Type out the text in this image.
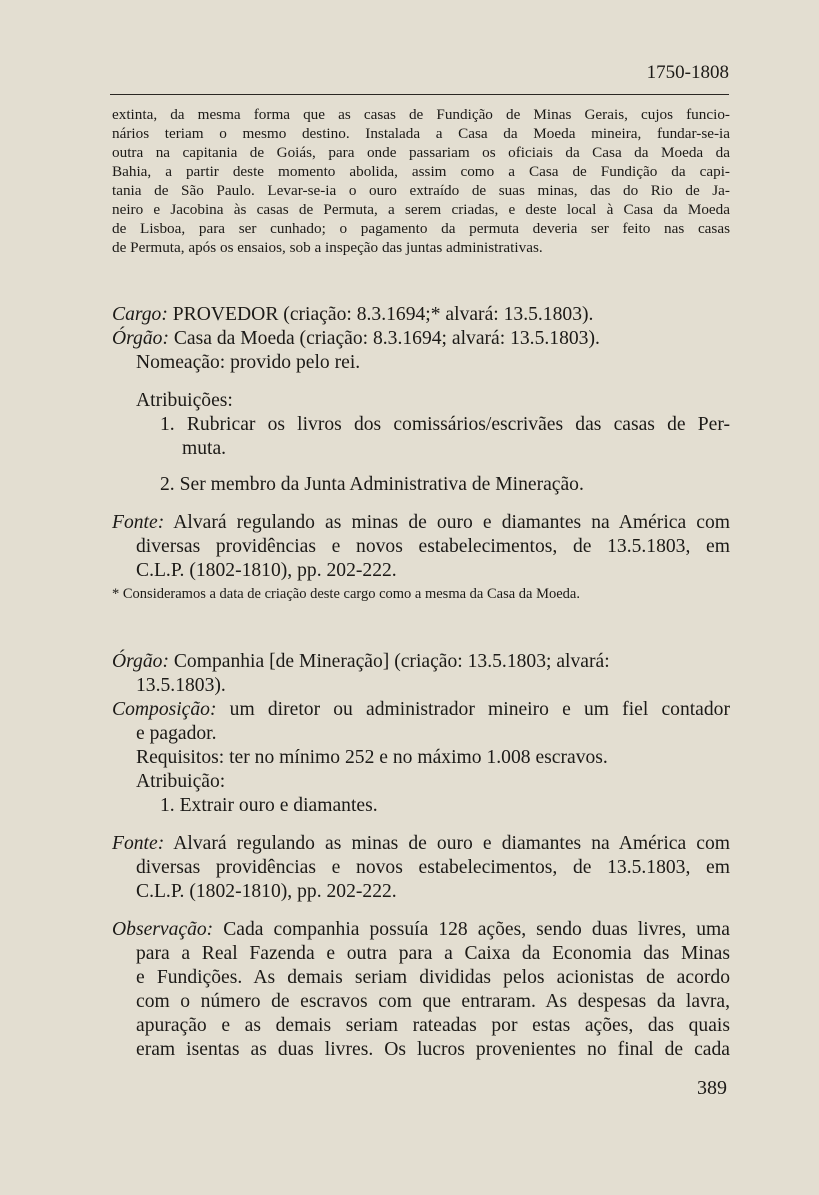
1750-1808
extinta, da mesma forma que as casas de Fundição de Minas Gerais, cujos funcio-
nários teriam o mesmo destino. Instalada a Casa da Moeda mineira, fundar-se-ia
outra na capitania de Goiás, para onde passariam os oficiais da Casa da Moeda da
Bahia, a partir deste momento abolida, assim como a Casa de Fundição da capi-
tania de São Paulo. Levar-se-ia o ouro extraído de suas minas, das do Rio de Ja-
neiro e Jacobina às casas de Permuta, a serem criadas, e deste local à Casa da Moeda
de Lisboa, para ser cunhado; o pagamento da permuta deveria ser feito nas casas
de Permuta, após os ensaios, sob a inspeção das juntas administrativas.
Cargo: PROVEDOR (criação: 8.3.1694;* alvará: 13.5.1803).
Órgão: Casa da Moeda (criação: 8.3.1694; alvará: 13.5.1803).
Nomeação: provido pelo rei.
Atribuições:
1. Rubricar os livros dos comissários/escrivães das casas de Per-
muta.
2. Ser membro da Junta Administrativa de Mineração.
Fonte: Alvará regulando as minas de ouro e diamantes na América com
diversas providências e novos estabelecimentos, de 13.5.1803, em
C.L.P. (1802-1810), pp. 202-222.
* Consideramos a data de criação deste cargo como a mesma da Casa da Moeda.
Órgão: Companhia [de Mineração] (criação: 13.5.1803; alvará:
13.5.1803).
Composição: um diretor ou administrador mineiro e um fiel contador
e pagador.
Requisitos: ter no mínimo 252 e no máximo 1.008 escravos.
Atribuição:
1. Extrair ouro e diamantes.
Fonte: Alvará regulando as minas de ouro e diamantes na América com
diversas providências e novos estabelecimentos, de 13.5.1803, em
C.L.P. (1802-1810), pp. 202-222.
Observação: Cada companhia possuía 128 ações, sendo duas livres, uma
para a Real Fazenda e outra para a Caixa da Economia das Minas
e Fundições. As demais seriam divididas pelos acionistas de acordo
com o número de escravos com que entraram. As despesas da lavra,
apuração e as demais seriam rateadas por estas ações, das quais
eram isentas as duas livres. Os lucros provenientes no final de cada
389
